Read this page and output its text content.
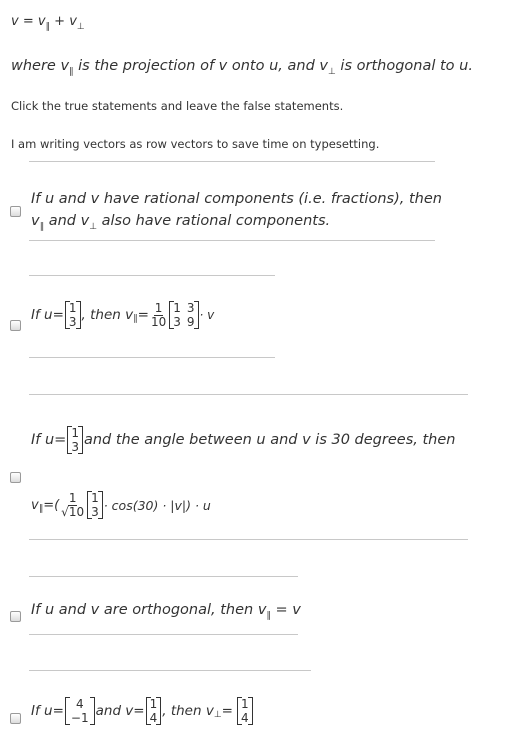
$v = v_\parallel + v_\perp$
where $v_\parallel$ is the projection of v onto u, and $v_\perp$ is orthogonal to u.
Click the true statements and leave the false statements.
I am writing vectors as row vectors to save time on typesetting.
If u and v have rational components (i.e. fractions), then
$v_\parallel$ and $v_\perp$ also have rational components.
If u= 1
3 , then v ∥ = $\frac{1}{10} 1$ 3
3 9 · v
If u= 1
3 and the angle between u and v is 30 degrees, then
v ∥ =( $\frac{1}{√10} 1$
3 · cos(30) · |v|) · u
If u and v are orthogonal, then $v_\parallel = v$
If u= 4
−1 and v= 1
4 , then v ⊥ = 1
4
